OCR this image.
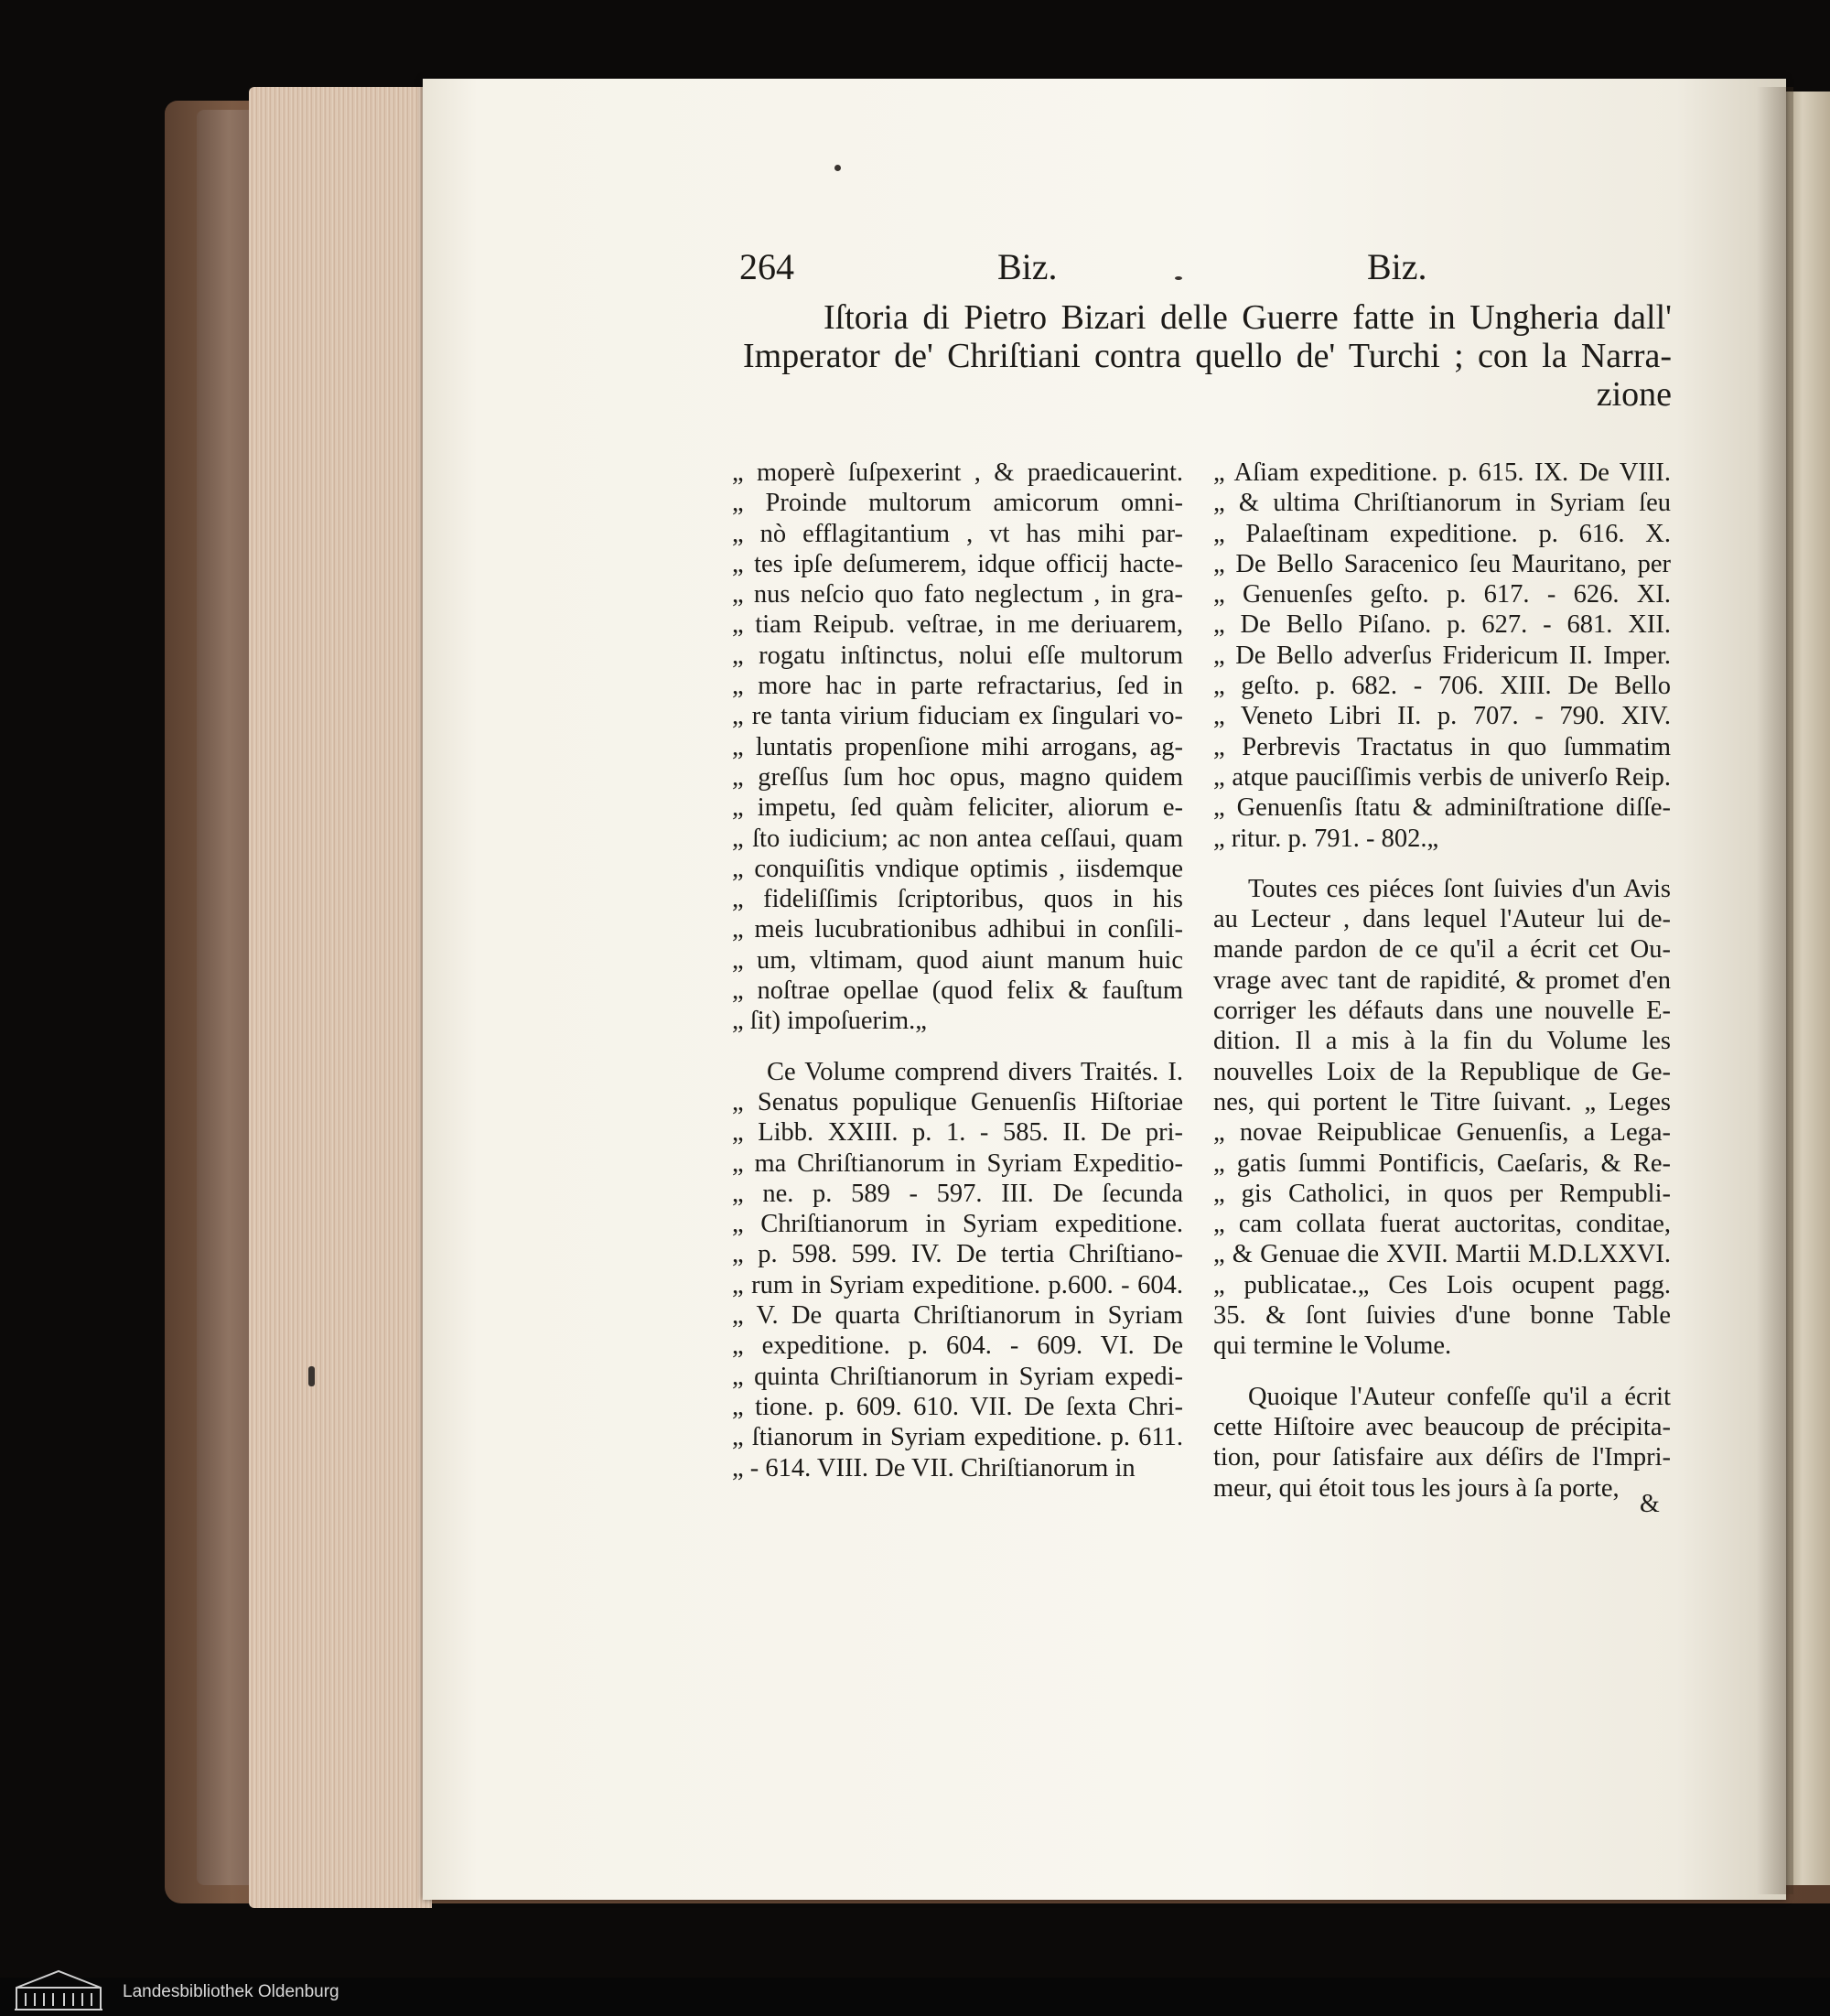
264	Biz.	Biz.
Iſtoria di Pietro Bizari delle Guerre fatte in Ungheria dall'
Imperator de' Chriſtiani contra quello de' Turchi ; con la Narra-
zione
„ moperè ſuſpexerint , & praedicauerint.
„ Proinde multorum amicorum omni-
„ nò efflagitantium , vt has mihi par-
„ tes ipſe deſumerem, idque officij hacte-
„ nus neſcio quo fato neglectum , in gra-
„ tiam Reipub. veſtrae, in me deriuarem,
„ rogatu inſtinctus, nolui eſſe multorum
„ more hac in parte refractarius, ſed in
„ re tanta virium fiduciam ex ſingulari vo-
„ luntatis propenſione mihi arrogans, ag-
„ greſſus ſum hoc opus, magno quidem
„ impetu, ſed quàm feliciter, aliorum e-
„ ſto iudicium; ac non antea ceſſaui, quam
„ conquiſitis vndique optimis , iisdemque
„ fideliſſimis ſcriptoribus, quos in his
„ meis lucubrationibus adhibui in conſili-
„ um, vltimam, quod aiunt manum huic
„ noſtrae opellae (quod felix & fauſtum
„ ſit) impoſuerim.„
Ce Volume comprend divers Traités. I.
„ Senatus populique Genuenſis Hiſtoriae
„ Libb. XXIII. p. 1. - 585. II. De pri-
„ ma Chriſtianorum in Syriam Expeditio-
„ ne. p. 589 - 597. III. De ſecunda
„ Chriſtianorum in Syriam expeditione.
„ p. 598. 599. IV. De tertia Chriſtiano-
„ rum in Syriam expeditione. p.600. - 604.
„ V. De quarta Chriſtianorum in Syriam
„ expeditione. p. 604. - 609. VI. De
„ quinta Chriſtianorum in Syriam expedi-
„ tione. p. 609. 610. VII. De ſexta Chri-
„ ſtianorum in Syriam expeditione. p. 611.
„ - 614. VIII. De VII. Chriſtianorum in
„ Aſiam expeditione. p. 615. IX. De VIII.
„ & ultima Chriſtianorum in Syriam ſeu
„ Palaeſtinam expeditione. p. 616. X.
„ De Bello Saracenico ſeu Mauritano, per
„ Genuenſes geſto. p. 617. - 626. XI.
„ De Bello Piſano. p. 627. - 681. XII.
„ De Bello adverſus Fridericum II. Imper.
„ geſto. p. 682. - 706. XIII. De Bello
„ Veneto Libri II. p. 707. - 790. XIV.
„ Perbrevis Tractatus in quo ſummatim
„ atque pauciſſimis verbis de univerſo Reip.
„ Genuenſis ſtatu & adminiſtratione diſſe-
„ ritur. p. 791. - 802.„
Toutes ces piéces ſont ſuivies d'un Avis
au Lecteur , dans lequel l'Auteur lui de-
mande pardon de ce qu'il a écrit cet Ou-
vrage avec tant de rapidité, & promet d'en
corriger les défauts dans une nouvelle E-
dition. Il a mis à la fin du Volume les
nouvelles Loix de la Republique de Ge-
nes, qui portent le Titre ſuivant. „ Leges
„ novae Reipublicae Genuenſis, a Lega-
„ gatis ſummi Pontificis, Caeſaris, & Re-
„ gis Catholici, in quos per Rempubli-
„ cam collata fuerat auctoritas, conditae,
„ & Genuae die XVII. Martii M.D.LXXVI.
„ publicatae.„ Ces Lois ocupent pagg.
35. & ſont ſuivies d'une bonne Table
qui termine le Volume.
Quoique l'Auteur confeſſe qu'il a écrit
cette Hiſtoire avec beaucoup de précipita-
tion, pour ſatisfaire aux déſirs de l'Impri-
meur, qui étoit tous les jours à ſa porte,
&
Landesbibliothek Oldenburg
